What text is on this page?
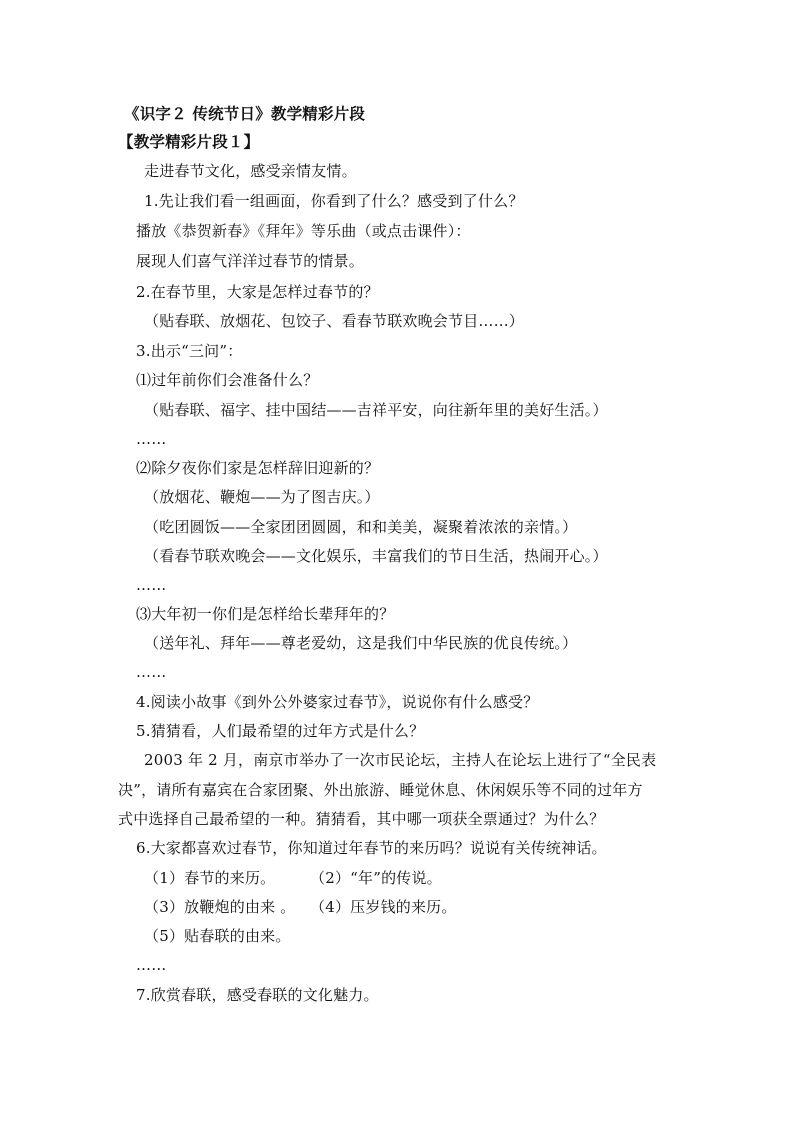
《识字２ 传统节日》教学精彩片段
【教学精彩片段１】
走进春节文化，感受亲情友情。
1.先让我们看一组画面，你看到了什么？感受到了什么？
播放《恭贺新春》《拜年》等乐曲（或点击课件）：
展现人们喜气洋洋过春节的情景。
2.在春节里，大家是怎样过春节的？
（贴春联、放烟花、包饺子、看春节联欢晚会节目……）
3.出示“三问”：
⑴过年前你们会准备什么？
（贴春联、福字、挂中国结——吉祥平安，向往新年里的美好生活。）
……
⑵除夕夜你们家是怎样辞旧迎新的？
（放烟花、鞭炮——为了图吉庆。）
（吃团圆饭——全家团团圆圆，和和美美，凝聚着浓浓的亲情。）
（看春节联欢晚会——文化娱乐，丰富我们的节日生活，热闹开心。）
……
⑶大年初一你们是怎样给长辈拜年的？
（送年礼、拜年——尊老爱幼，这是我们中华民族的优良传统。）
……
4.阅读小故事《到外公外婆家过春节》，说说你有什么感受？
5.猜猜看，人们最希望的过年方式是什么？
2003 年 2 月，南京市举办了一次市民论坛，主持人在论坛上进行了“全民表
决”，请所有嘉宾在合家团聚、外出旅游、睡觉休息、休闲娱乐等不同的过年方
式中选择自己最希望的一种。猜猜看，其中哪一项获全票通过？为什么？
6.大家都喜欢过春节，你知道过年春节的来历吗？说说有关传统神话。
（1）春节的来历。 （2）“年”的传说。
（3）放鞭炮的由来 。 （4）压岁钱的来历。
（5）贴春联的由来。
……
7.欣赏春联，感受春联的文化魅力。
